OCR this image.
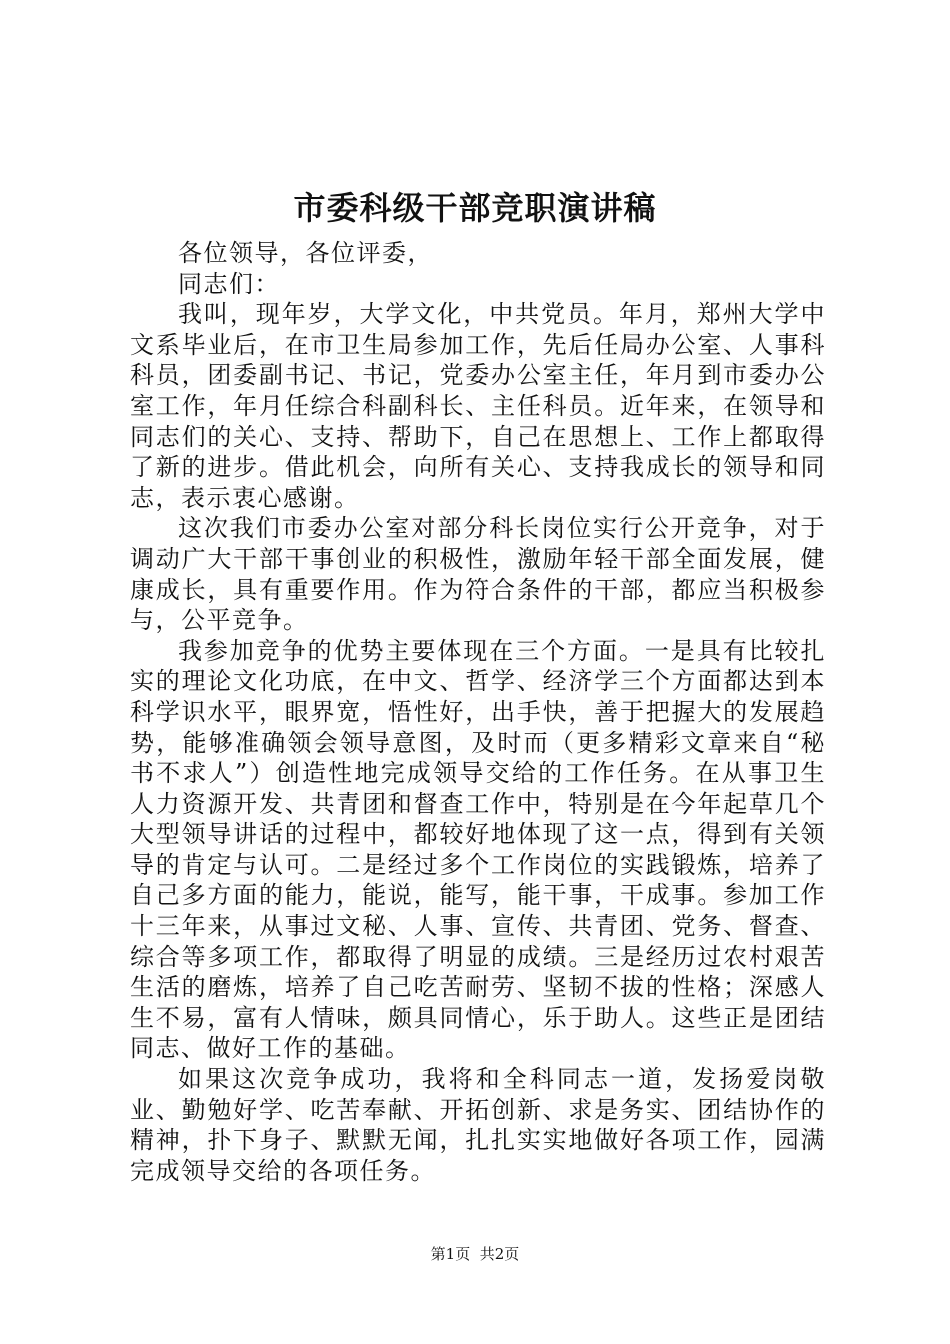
市委科级干部竞职演讲稿

各位领导，各位评委，

同志们：

我叫，现年岁，大学文化，中共党员。年月，郑州大学中文系毕业后，在市卫生局参加工作，先后任局办公室、人事科科员，团委副书记、书记，党委办公室主任，年月到市委办公室工作，年月任综合科副科长、主任科员。近年来，在领导和同志们的关心、支持、帮助下，自己在思想上、工作上都取得了新的进步。借此机会，向所有关心、支持我成长的领导和同志，表示衷心感谢。

这次我们市委办公室对部分科长岗位实行公开竞争，对于调动广大干部干事创业的积极性，激励年轻干部全面发展，健康成长，具有重要作用。作为符合条件的干部，都应当积极参与，公平竞争。

我参加竞争的优势主要体现在三个方面。一是具有比较扎实的理论文化功底，在中文、哲学、经济学三个方面都达到本科学识水平，眼界宽，悟性好，出手快，善于把握大的发展趋势，能够准确领会领导意图，及时而（更多精彩文章来自“秘书不求人”）创造性地完成领导交给的工作任务。在从事卫生人力资源开发、共青团和督查工作中，特别是在今年起草几个大型领导讲话的过程中，都较好地体现了这一点，得到有关领导的肯定与认可。二是经过多个工作岗位的实践锻炼，培养了自己多方面的能力，能说，能写，能干事，干成事。参加工作十三年来，从事过文秘、人事、宣传、共青团、党务、督查、综合等多项工作，都取得了明显的成绩。三是经历过农村艰苦生活的磨炼，培养了自己吃苦耐劳、坚韧不拔的性格；深感人生不易，富有人情味，颇具同情心，乐于助人。这些正是团结同志、做好工作的基础。

如果这次竞争成功，我将和全科同志一道，发扬爱岗敬业、勤勉好学、吃苦奉献、开拓创新、求是务实、团结协作的精神，扑下身子、默默无闻，扎扎实实地做好各项工作，园满完成领导交给的各项任务。

第1页 共2页
